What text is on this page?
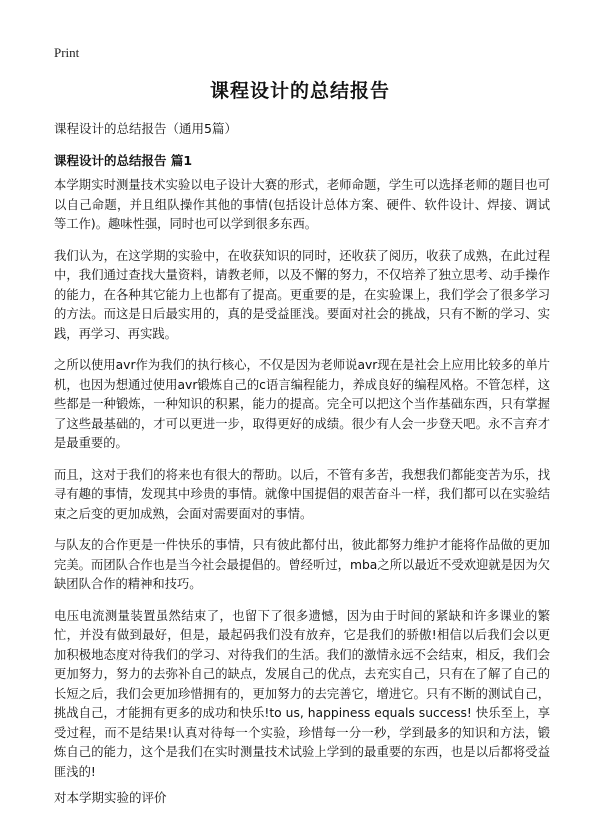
Print
课程设计的总结报告
课程设计的总结报告（通用5篇）
课程设计的总结报告 篇1

本学期实时测量技术实验以电子设计大赛的形式，老师命题，学生可以选择老师的题目也可以自己命题，并且组队操作其他的事情(包括设计总体方案、硬件、软件设计、焊接、调试等工作)。趣味性强，同时也可以学到很多东西。

我们认为，在这学期的实验中，在收获知识的同时，还收获了阅历，收获了成熟，在此过程中，我们通过查找大量资料，请教老师，以及不懈的努力，不仅培养了独立思考、动手操作的能力，在各种其它能力上也都有了提高。更重要的是，在实验课上，我们学会了很多学习的方法。而这是日后最实用的，真的是受益匪浅。要面对社会的挑战，只有不断的学习、实践，再学习、再实践。

之所以使用avr作为我们的执行核心，不仅是因为老师说avr现在是社会上应用比较多的单片机，也因为想通过使用avr锻炼自己的c语言编程能力，养成良好的编程风格。不管怎样，这些都是一种锻炼，一种知识的积累，能力的提高。完全可以把这个当作基础东西，只有掌握了这些最基础的，才可以更进一步，取得更好的成绩。很少有人会一步登天吧。永不言弃才是最重要的。

而且，这对于我们的将来也有很大的帮助。以后，不管有多苦，我想我们都能变苦为乐，找寻有趣的事情，发现其中珍贵的事情。就像中国提倡的艰苦奋斗一样，我们都可以在实验结束之后变的更加成熟，会面对需要面对的事情。

与队友的合作更是一件快乐的事情，只有彼此都付出，彼此都努力维护才能将作品做的更加完美。而团队合作也是当今社会最提倡的。曾经听过，mba之所以最近不受欢迎就是因为欠缺团队合作的精神和技巧。

电压电流测量装置虽然结束了，也留下了很多遗憾，因为由于时间的紧缺和许多课业的繁忙，并没有做到最好，但是，最起码我们没有放弃，它是我们的骄傲!相信以后我们会以更加积极地态度对待我们的学习、对待我们的生活。我们的激情永远不会结束，相反，我们会更加努力，努力的去弥补自己的缺点，发展自己的优点，去充实自己，只有在了解了自己的长短之后，我们会更加珍惜拥有的，更加努力的去完善它，增进它。只有不断的测试自己，挑战自己，才能拥有更多的成功和快乐!to us, happiness equals success! 快乐至上，享受过程，而不是结果!认真对待每一个实验，珍惜每一分一秒，学到最多的知识和方法，锻炼自己的能力，这个是我们在实时测量技术试验上学到的最重要的东西，也是以后都将受益匪浅的!

对本学期实验的评价
